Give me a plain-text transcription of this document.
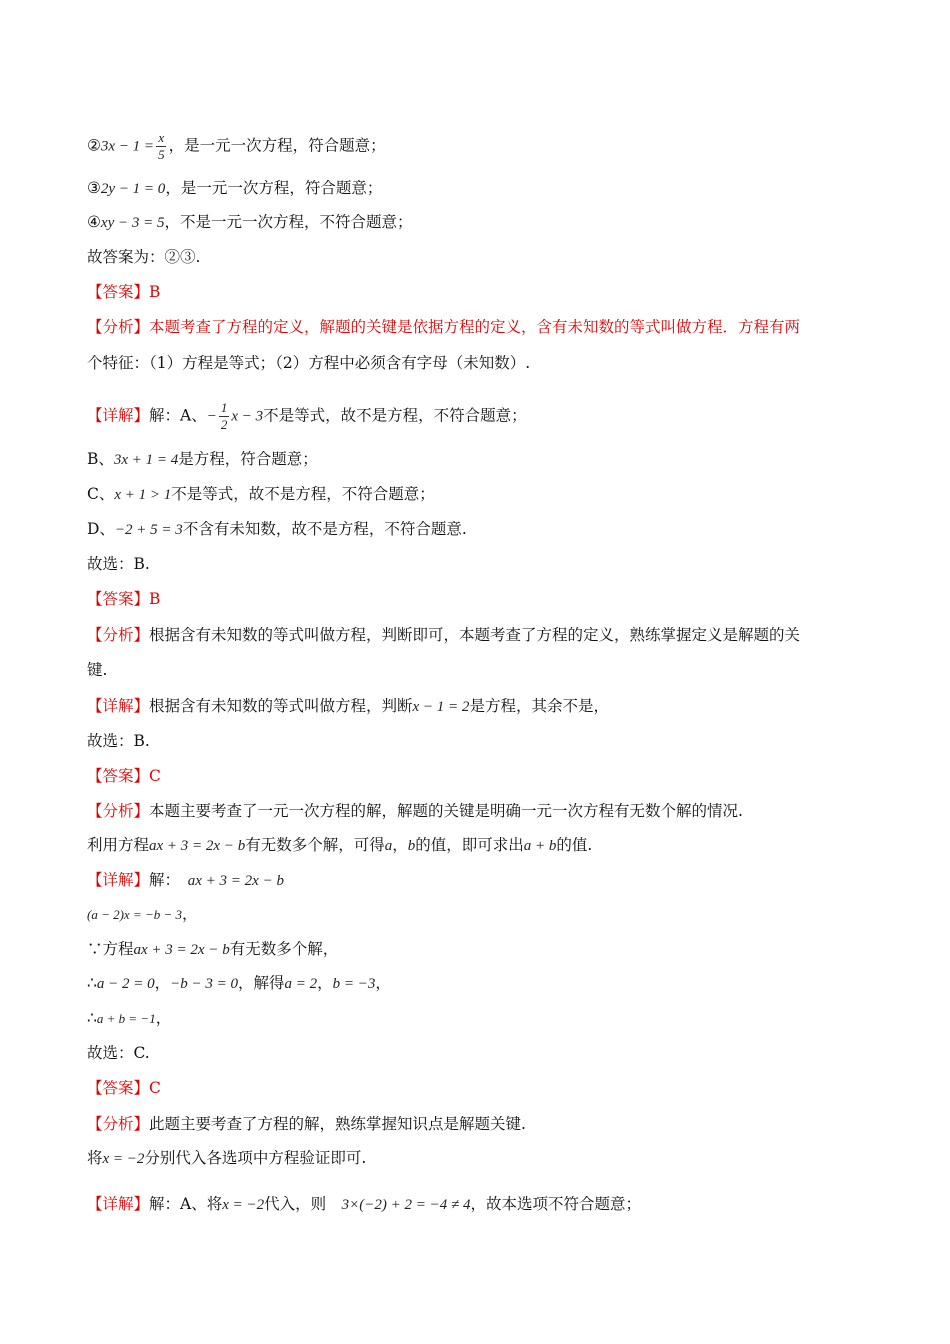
②3x − $1 = \frac{x}{5}$ ，是一元一次方程，符合题意；
③2y − 1 = 0，是一元一次方程，符合题意；
④xy − 3 = 5，不是一元一次方程，不符合题意；
故答案为：②③.
【答案】B
【分析】本题考查了方程的定义，解题的关键是依据方程的定义，含有未知数的等式叫做方程．方程有两
个特征：（1）方程是等式；（2）方程中必须含有字母（未知数）.
【详解】解：A、− $\frac{1}{2}$ x − 3不是等式，故不是方程，不符合题意；
B、3x + 1 = 4是方程，符合题意；
C、x + 1 > 1不是等式，故不是方程，不符合题意；
D、−2 + 5 = 3不含有未知数，故不是方程，不符合题意.
故选：B.
【答案】B
【分析】根据含有未知数的等式叫做方程，判断即可，本题考查了方程的定义，熟练掌握定义是解题的关
键.
【详解】根据含有未知数的等式叫做方程，判断x − 1 = 2是方程，其余不是，
故选：B.
【答案】C
【分析】本题主要考查了一元一次方程的解，解题的关键是明确一元一次方程有无数个解的情况.
利用方程ax + 3 = 2x − b有无数多个解，可得a，b的值，即可求出a + b的值.
【详解】解：　ax + 3 = 2x − b
(a − 2)x = −b − 3，
∵方程ax + 3 = 2x − b有无数多个解，
∴a − 2 = 0，−b − 3 = 0，解得a = 2，b = −3，
∴a + b = −1，
故选：C.
【答案】C
【分析】此题主要考查了方程的解，熟练掌握知识点是解题关键.
将x = −2分别代入各选项中方程验证即可.
【详解】解：A、将x = −2代入，则　3×(−2) + 2 = −4 ≠ 4，故本选项不符合题意；
